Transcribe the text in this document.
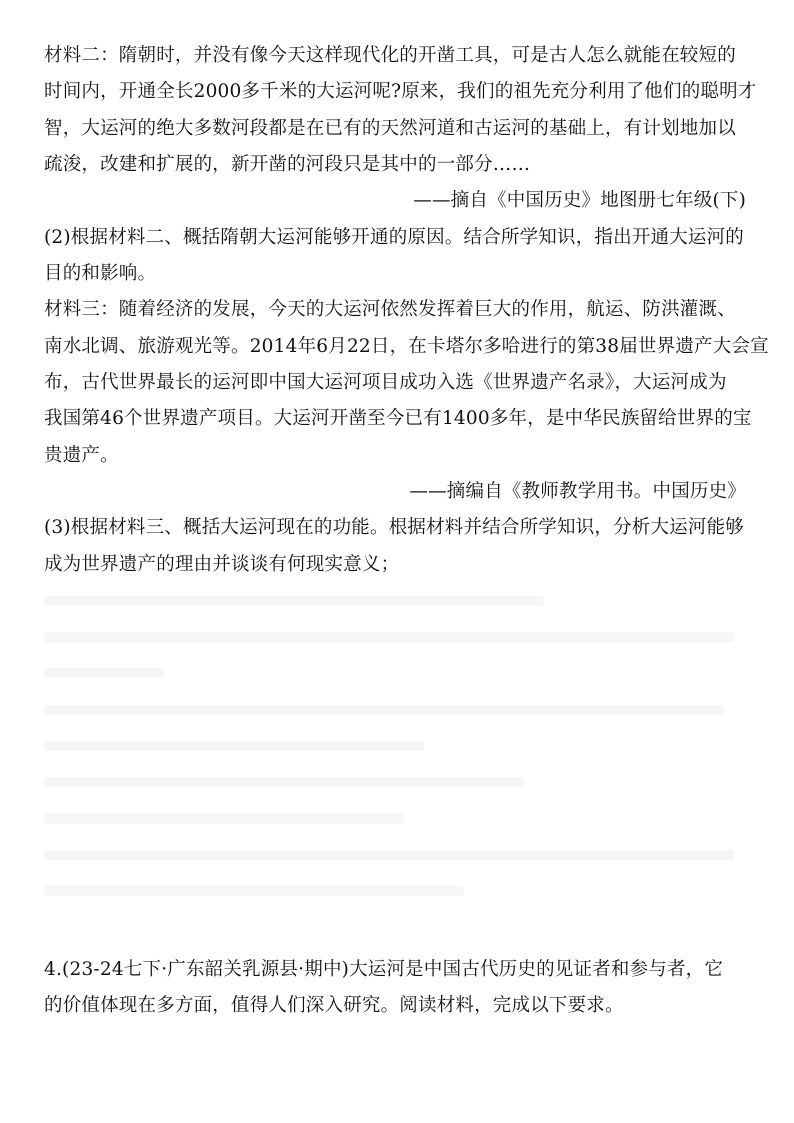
材料二：隋朝时，并没有像今天这样现代化的开凿工具，可是古人怎么就能在较短的
时间内，开通全长2000多千米的大运河呢?原来，我们的祖先充分利用了他们的聪明才
智，大运河的绝大多数河段都是在已有的天然河道和古运河的基础上，有计划地加以
疏浚，改建和扩展的，新开凿的河段只是其中的一部分……
——摘自《中国历史》地图册七年级(下)
(2)根据材料二、概括隋朝大运河能够开通的原因。结合所学知识，指出开通大运河的
目的和影响。
材料三：随着经济的发展，今天的大运河依然发挥着巨大的作用，航运、防洪灌溉、
南水北调、旅游观光等。2014年6月22日，在卡塔尔多哈进行的第38届世界遗产大会宣
布，古代世界最长的运河即中国大运河项目成功入选《世界遗产名录》，大运河成为
我国第46个世界遗产项目。大运河开凿至今已有1400多年，是中华民族留给世界的宝
贵遗产。
——摘编自《教师教学用书。中国历史》
(3)根据材料三、概括大运河现在的功能。根据材料并结合所学知识，分析大运河能够
成为世界遗产的理由并谈谈有何现实意义；
4.(23-24七下·广东韶关乳源县·期中)大运河是中国古代历史的见证者和参与者，它
的价值体现在多方面，值得人们深入研究。阅读材料，完成以下要求。
